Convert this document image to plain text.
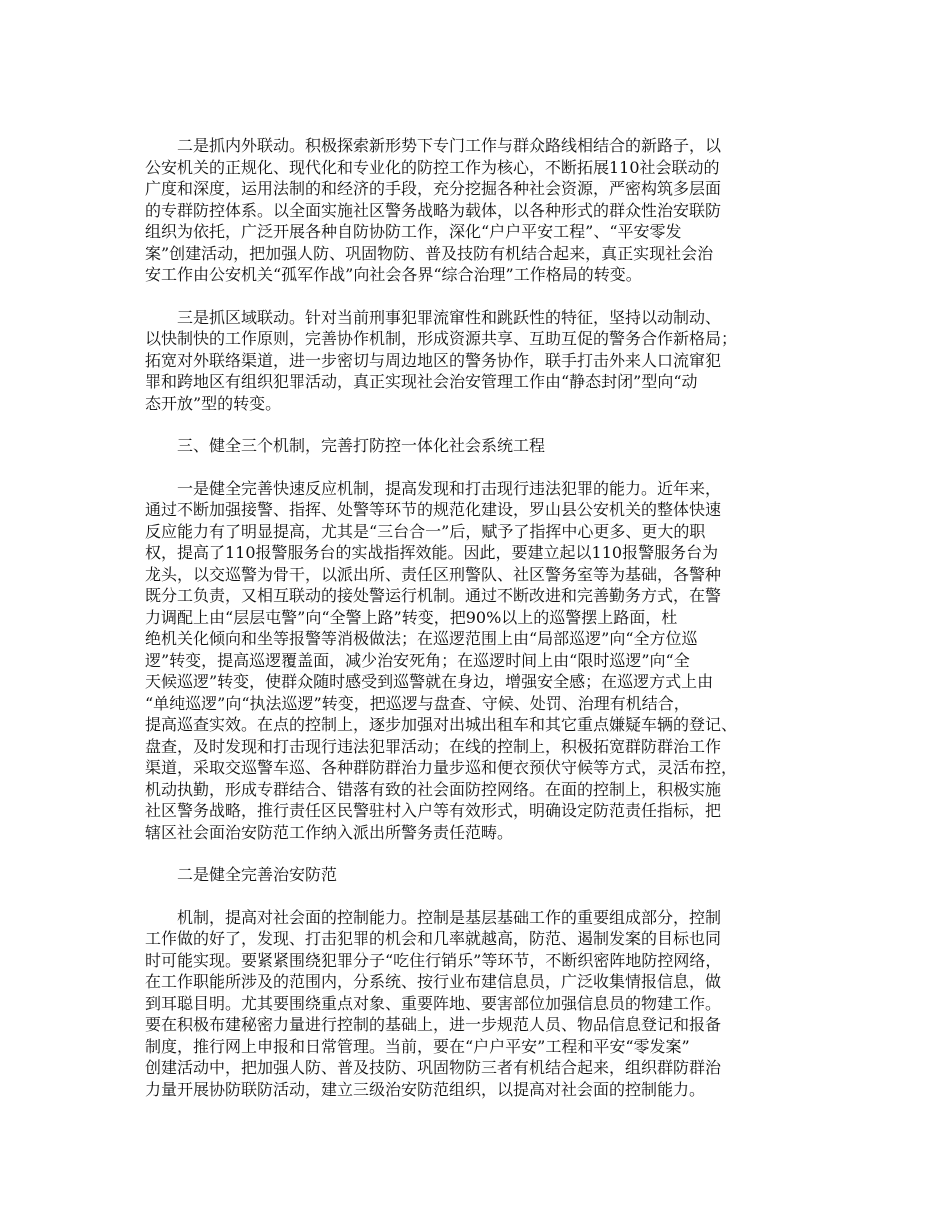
二是抓内外联动。积极探索新形势下专门工作与群众路线相结合的新路子，以
公安机关的正规化、现代化和专业化的防控工作为核心，不断拓展110社会联动的
广度和深度，运用法制的和经济的手段，充分挖掘各种社会资源，严密构筑多层面
的专群防控体系。以全面实施社区警务战略为载体，以各种形式的群众性治安联防
组织为依托，广泛开展各种自防协防工作，深化“户户平安工程”、“平安零发
案”创建活动，把加强人防、巩固物防、普及技防有机结合起来，真正实现社会治
安工作由公安机关“孤军作战”向社会各界“综合治理”工作格局的转变。

三是抓区域联动。针对当前刑事犯罪流窜性和跳跃性的特征，坚持以动制动、
以快制快的工作原则，完善协作机制，形成资源共享、互助互促的警务合作新格局；
拓宽对外联络渠道，进一步密切与周边地区的警务协作，联手打击外来人口流窜犯
罪和跨地区有组织犯罪活动，真正实现社会治安管理工作由“静态封闭”型向“动
态开放”型的转变。

三、健全三个机制，完善打防控一体化社会系统工程

一是健全完善快速反应机制，提高发现和打击现行违法犯罪的能力。近年来，
通过不断加强接警、指挥、处警等环节的规范化建设，罗山县公安机关的整体快速
反应能力有了明显提高，尤其是“三台合一”后，赋予了指挥中心更多、更大的职
权，提高了110报警服务台的实战指挥效能。因此，要建立起以110报警服务台为
龙头，以交巡警为骨干，以派出所、责任区刑警队、社区警务室等为基础，各警种
既分工负责，又相互联动的接处警运行机制。通过不断改进和完善勤务方式，在警
力调配上由“层层屯警”向“全警上路”转变，把90%以上的巡警摆上路面，杜
绝机关化倾向和坐等报警等消极做法；在巡逻范围上由“局部巡逻”向“全方位巡
逻”转变，提高巡逻覆盖面，减少治安死角；在巡逻时间上由“限时巡逻”向“全
天候巡逻”转变，使群众随时感受到巡警就在身边，增强安全感；在巡逻方式上由
“单纯巡逻”向“执法巡逻”转变，把巡逻与盘查、守候、处罚、治理有机结合，
提高巡查实效。在点的控制上，逐步加强对出城出租车和其它重点嫌疑车辆的登记、
盘查，及时发现和打击现行违法犯罪活动；在线的控制上，积极拓宽群防群治工作
渠道，采取交巡警车巡、各种群防群治力量步巡和便衣预伏守候等方式，灵活布控，
机动执勤，形成专群结合、错落有致的社会面防控网络。在面的控制上，积极实施
社区警务战略，推行责任区民警驻村入户等有效形式，明确设定防范责任指标，把
辖区社会面治安防范工作纳入派出所警务责任范畴。

二是健全完善治安防范

机制，提高对社会面的控制能力。控制是基层基础工作的重要组成部分，控制
工作做的好了，发现、打击犯罪的机会和几率就越高，防范、遏制发案的目标也同
时可能实现。要紧紧围绕犯罪分子“吃住行销乐”等环节，不断织密阵地防控网络，
在工作职能所涉及的范围内，分系统、按行业布建信息员，广泛收集情报信息，做
到耳聪目明。尤其要围绕重点对象、重要阵地、要害部位加强信息员的物建工作。
要在积极布建秘密力量进行控制的基础上，进一步规范人员、物品信息登记和报备
制度，推行网上申报和日常管理。当前，要在“户户平安”工程和平安“零发案”
创建活动中，把加强人防、普及技防、巩固物防三者有机结合起来，组织群防群治
力量开展协防联防活动，建立三级治安防范组织，以提高对社会面的控制能力。
